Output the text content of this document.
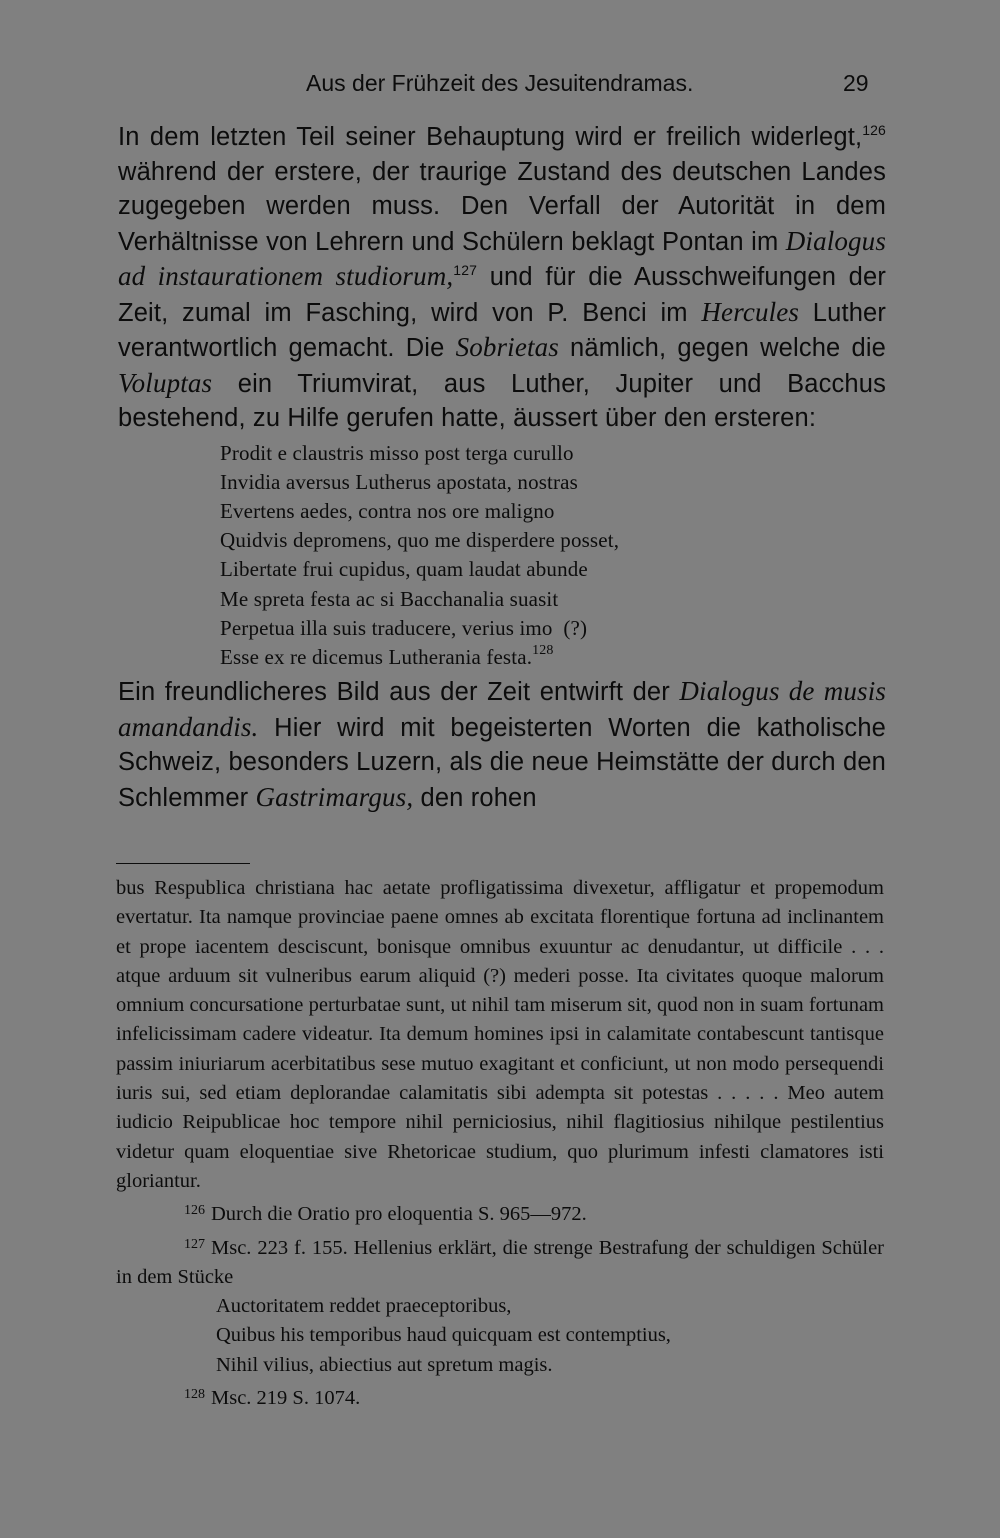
Aus der Frühzeit des Jesuitendramas.	29

In dem letzten Teil seiner Behauptung wird er freilich widerlegt,$^{126}$ während der erstere, der traurige Zustand des deutschen Landes zugegeben werden muss. Den Verfall der Autorität in dem Verhältnisse von Lehrern und Schülern beklagt Pontan im Dialogus ad instaurationem studiorum,$^{127}$ und für die Ausschweifungen der Zeit, zumal im Fasching, wird von P. Benci im Hercules Luther verantwortlich gemacht. Die Sobrietas nämlich, gegen welche die Voluptas ein Triumvirat, aus Luther, Jupiter und Bacchus bestehend, zu Hilfe gerufen hatte, äussert über den ersteren:

Prodit e claustris misso post terga curullo
Invidia aversus Lutherus apostata, nostras
Evertens aedes, contra nos ore maligno
Quidvis depromens, quo me disperdere posset,
Libertate frui cupidus, quam laudat abunde
Me spreta festa ac si Bacchanalia suasit
Perpetua illa suis traducere, verius imo  (?)
Esse ex re dicemus Lutherania festa.$^{128}$

Ein freundlicheres Bild aus der Zeit entwirft der Dialogus de musis amandandis. Hier wird mit begeisterten Worten die katholische Schweiz, besonders Luzern, als die neue Heimstätte der durch den Schlemmer Gastrimargus, den rohen

bus Respublica christiana hac aetate profligatissima divexetur, affligatur et propemodum evertatur. Ita namque provinciae paene omnes ab excitata florentique fortuna ad inclinantem et prope iacentem desciscunt, bonisque omnibus exuuntur ac denudantur, ut difficile . . . atque arduum sit vulneribus earum aliquid (?) mederi posse. Ita civitates quoque malorum omnium concursatione perturbatae sunt, ut nihil tam miserum sit, quod non in suam fortunam infelicissimam cadere videatur. Ita demum homines ipsi in calamitate contabescunt tantisque passim iniuriarum acerbitatibus sese mutuo exagitant et conficiunt, ut non modo persequendi iuris sui, sed etiam deplorandae calamitatis sibi adempta sit potestas . . . . . Meo autem iudicio Reipublicae hoc tempore nihil perniciosius, nihil flagitiosius nihilque pestilentius videtur quam eloquentiae sive Rhetoricae studium, quo plurimum infesti clamatores isti gloriantur.

$^{126}$ Durch die Oratio pro eloquentia S. 965—972.

$^{127}$ Msc. 223 f. 155. Hellenius erklärt, die strenge Bestrafung der schuldigen Schüler in dem Stücke

Auctoritatem reddet praeceptoribus,
Quibus his temporibus haud quicquam est contemptius,
Nihil vilius, abiectius aut spretum magis.

$^{128}$ Msc. 219 S. 1074.
